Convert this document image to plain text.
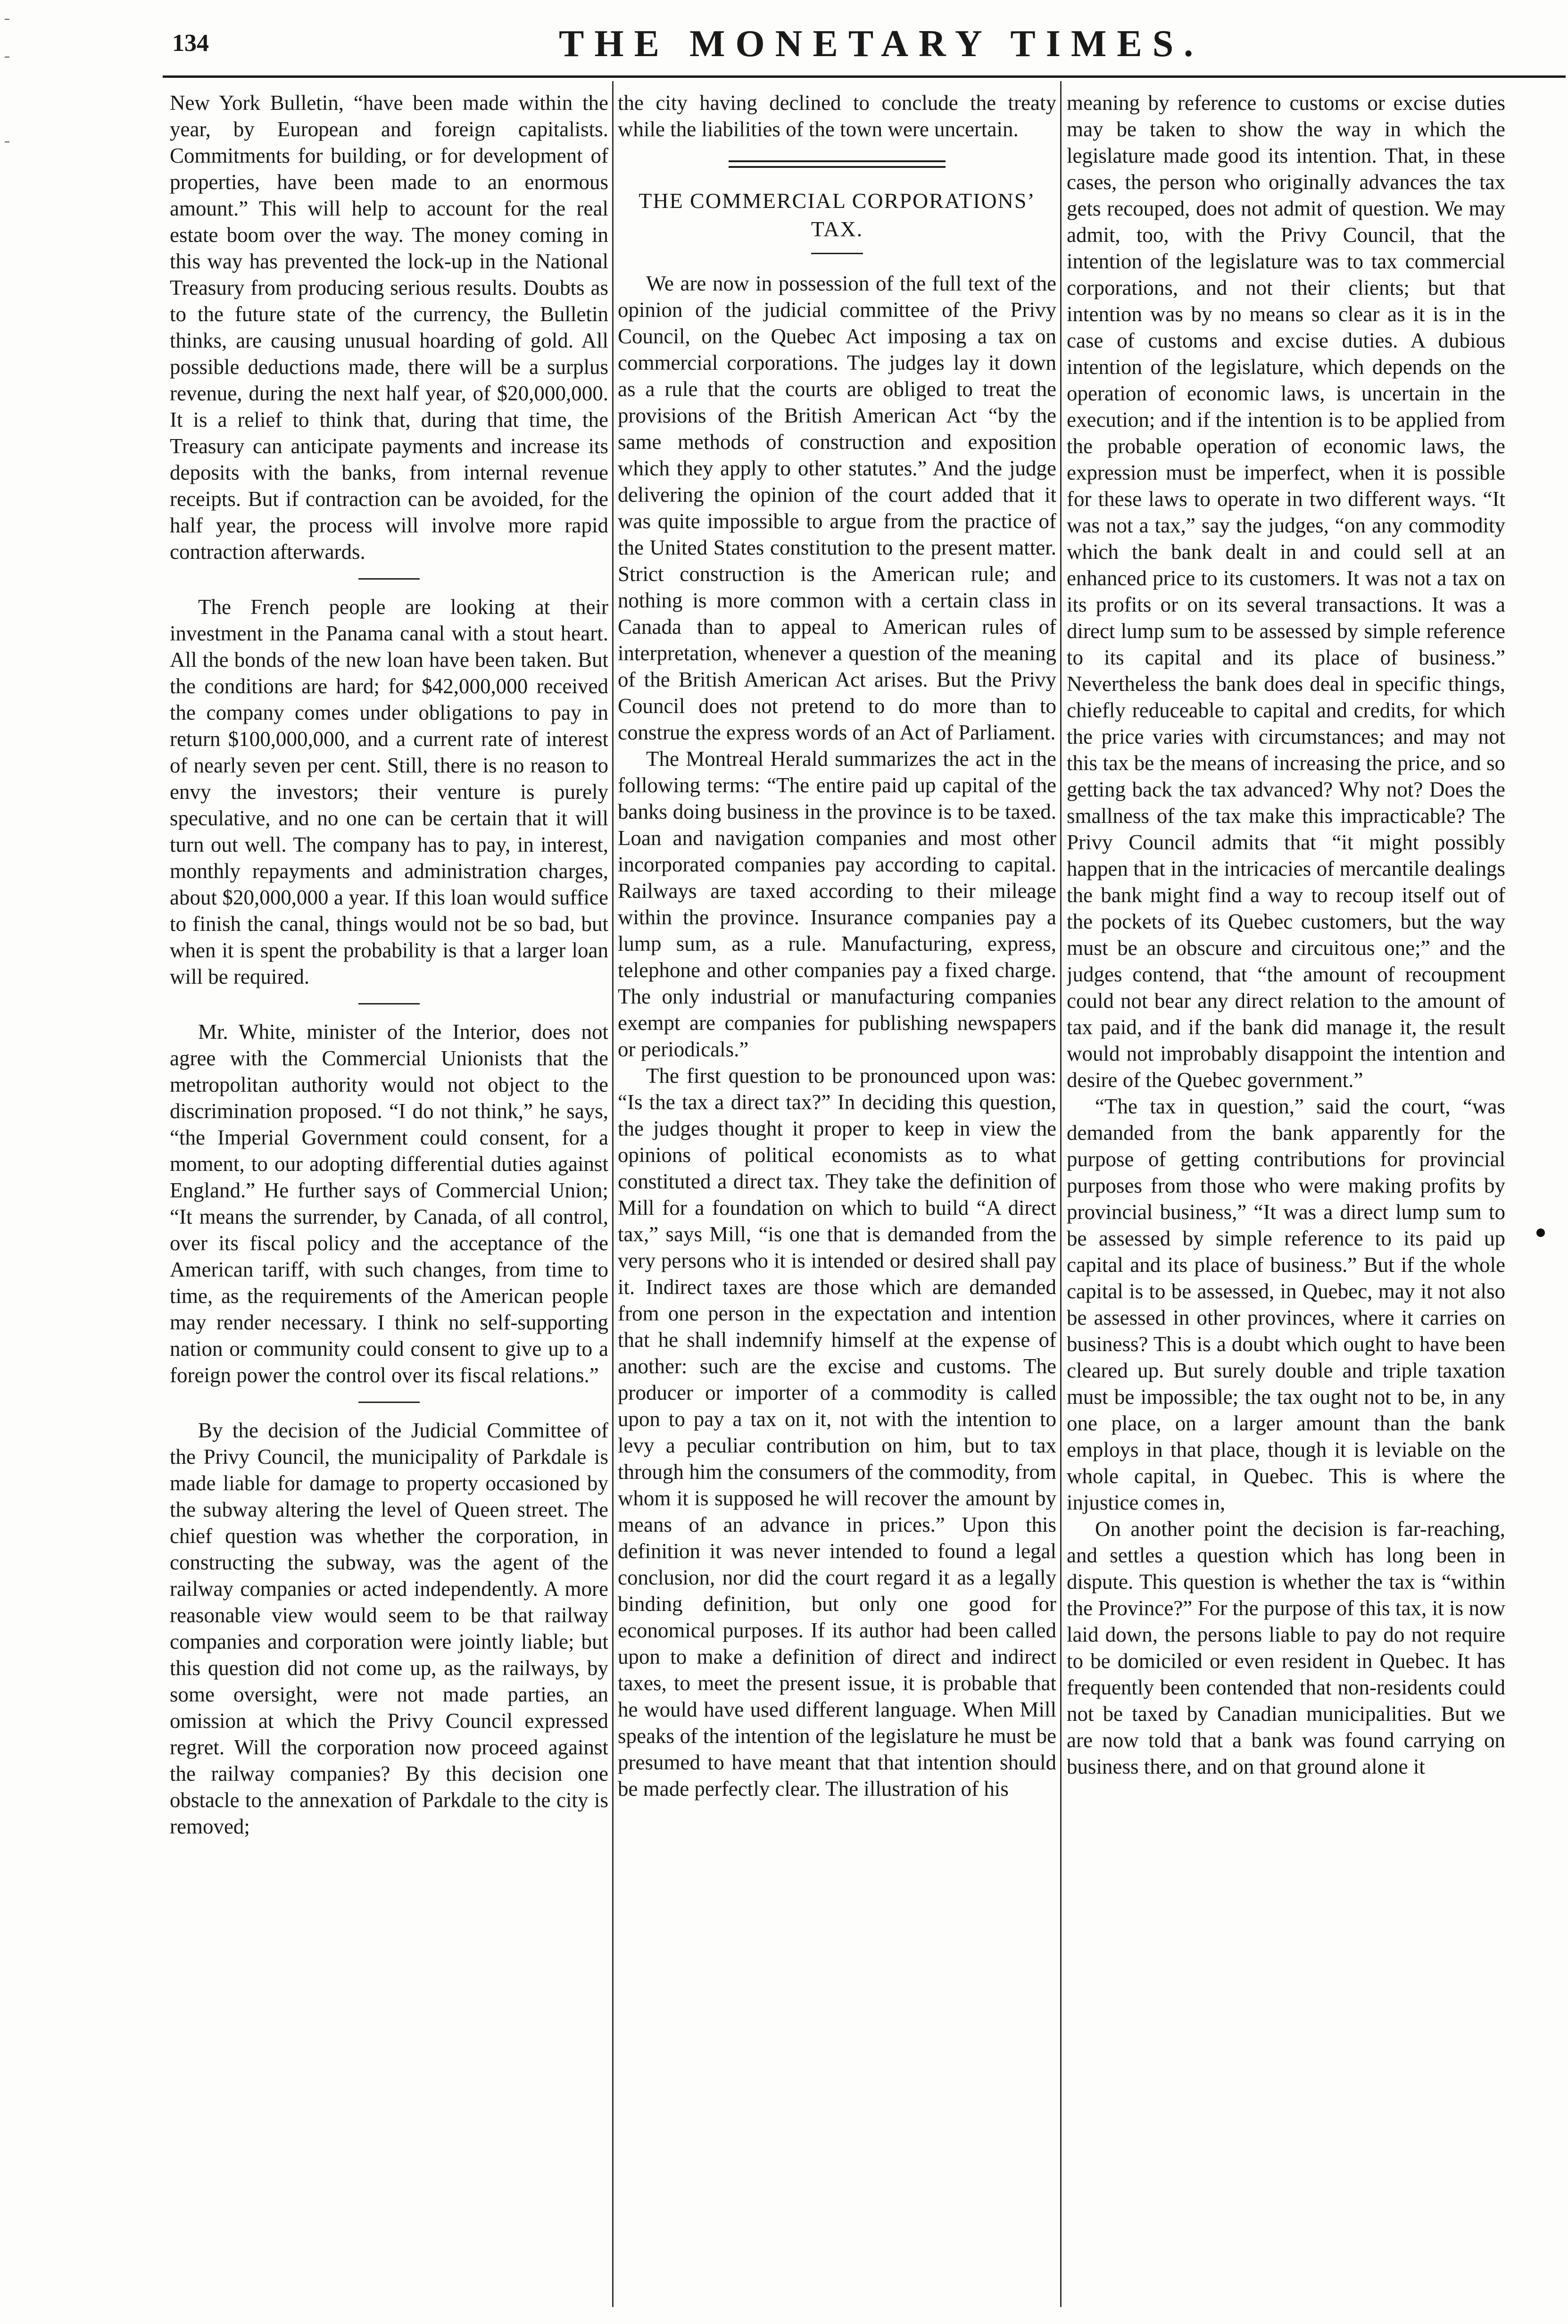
134	THE MONETARY TIMES.

New York Bulletin, “have been made within the year, by European and foreign capitalists. Commitments for building, or for development of properties, have been made to an enormous amount.” This will help to account for the real estate boom over the way. The money coming in this way has prevented the lock-up in the National Treasury from producing serious results. Doubts as to the future state of the currency, the Bulletin thinks, are causing unusual hoarding of gold. All possible deductions made, there will be a surplus revenue, during the next half year, of $20,000,000. It is a relief to think that, during that time, the Treasury can anticipate payments and increase its deposits with the banks, from internal revenue receipts. But if contraction can be avoided, for the half year, the process will involve more rapid contraction afterwards.

The French people are looking at their investment in the Panama canal with a stout heart. All the bonds of the new loan have been taken. But the conditions are hard; for $42,000,000 received the company comes under obligations to pay in return $100,000,000, and a current rate of interest of nearly seven per cent. Still, there is no reason to envy the investors; their venture is purely speculative, and no one can be certain that it will turn out well. The company has to pay, in interest, monthly repayments and administration charges, about $20,000,000 a year. If this loan would suffice to finish the canal, things would not be so bad, but when it is spent the probability is that a larger loan will be required.

Mr. White, minister of the Interior, does not agree with the Commercial Unionists that the metropolitan authority would not object to the discrimination proposed. “I do not think,” he says, “the Imperial Government could consent, for a moment, to our adopting differential duties against England.” He further says of Commercial Union; “It means the surrender, by Canada, of all control, over its fiscal policy and the acceptance of the American tariff, with such changes, from time to time, as the requirements of the American people may render necessary. I think no self-supporting nation or community could consent to give up to a foreign power the control over its fiscal relations.”

By the decision of the Judicial Committee of the Privy Council, the municipality of Parkdale is made liable for damage to property occasioned by the subway altering the level of Queen street. The chief question was whether the corporation, in constructing the subway, was the agent of the railway companies or acted independently. A more reasonable view would seem to be that railway companies and corporation were jointly liable; but this question did not come up, as the railways, by some oversight, were not made parties, an omission at which the Privy Council expressed regret. Will the corporation now proceed against the railway companies? By this decision one obstacle to the annexation of Parkdale to the city is removed;

the city having declined to conclude the treaty while the liabilities of the town were uncertain.

THE COMMERCIAL CORPORATIONS’ TAX.

We are now in possession of the full text of the opinion of the judicial committee of the Privy Council, on the Quebec Act imposing a tax on commercial corporations. The judges lay it down as a rule that the courts are obliged to treat the provisions of the British American Act “by the same methods of construction and exposition which they apply to other statutes.” And the judge delivering the opinion of the court added that it was quite impossible to argue from the practice of the United States constitution to the present matter. Strict construction is the American rule; and nothing is more common with a certain class in Canada than to appeal to American rules of interpretation, whenever a question of the meaning of the British American Act arises. But the Privy Council does not pretend to do more than to construe the express words of an Act of Parliament.

The Montreal Herald summarizes the act in the following terms: “The entire paid up capital of the banks doing business in the province is to be taxed. Loan and navigation companies and most other incorporated companies pay according to capital. Railways are taxed according to their mileage within the province. Insurance companies pay a lump sum, as a rule. Manufacturing, express, telephone and other companies pay a fixed charge. The only industrial or manufacturing companies exempt are companies for publishing newspapers or periodicals.”

The first question to be pronounced upon was: “Is the tax a direct tax?” In deciding this question, the judges thought it proper to keep in view the opinions of political economists as to what constituted a direct tax. They take the definition of Mill for a foundation on which to build “A direct tax,” says Mill, “is one that is demanded from the very persons who it is intended or desired shall pay it. Indirect taxes are those which are demanded from one person in the expectation and intention that he shall indemnify himself at the expense of another: such are the excise and customs. The producer or importer of a commodity is called upon to pay a tax on it, not with the intention to levy a peculiar contribution on him, but to tax through him the consumers of the commodity, from whom it is supposed he will recover the amount by means of an advance in prices.” Upon this definition it was never intended to found a legal conclusion, nor did the court regard it as a legally binding definition, but only one good for economical purposes. If its author had been called upon to make a definition of direct and indirect taxes, to meet the present issue, it is probable that he would have used different language. When Mill speaks of the intention of the legislature he must be presumed to have meant that that intention should be made perfectly clear. The illustration of his

meaning by reference to customs or excise duties may be taken to show the way in which the legislature made good its intention. That, in these cases, the person who originally advances the tax gets recouped, does not admit of question. We may admit, too, with the Privy Council, that the intention of the legislature was to tax commercial corporations, and not their clients; but that intention was by no means so clear as it is in the case of customs and excise duties. A dubious intention of the legislature, which depends on the operation of economic laws, is uncertain in the execution; and if the intention is to be applied from the probable operation of economic laws, the expression must be imperfect, when it is possible for these laws to operate in two different ways. “It was not a tax,” say the judges, “on any commodity which the bank dealt in and could sell at an enhanced price to its customers. It was not a tax on its profits or on its several transactions. It was a direct lump sum to be assessed by simple reference to its capital and its place of business.” Nevertheless the bank does deal in specific things, chiefly reduceable to capital and credits, for which the price varies with circumstances; and may not this tax be the means of increasing the price, and so getting back the tax advanced? Why not? Does the smallness of the tax make this impracticable? The Privy Council admits that “it might possibly happen that in the intricacies of mercantile dealings the bank might find a way to recoup itself out of the pockets of its Quebec customers, but the way must be an obscure and circuitous one;” and the judges contend, that “the amount of recoupment could not bear any direct relation to the amount of tax paid, and if the bank did manage it, the result would not improbably disappoint the intention and desire of the Quebec government.”

“The tax in question,” said the court, “was demanded from the bank apparently for the purpose of getting contributions for provincial purposes from those who were making profits by provincial business,” “It was a direct lump sum to be assessed by simple reference to its paid up capital and its place of business.” But if the whole capital is to be assessed, in Quebec, may it not also be assessed in other provinces, where it carries on business? This is a doubt which ought to have been cleared up. But surely double and triple taxation must be impossible; the tax ought not to be, in any one place, on a larger amount than the bank employs in that place, though it is leviable on the whole capital, in Quebec. This is where the injustice comes in,

On another point the decision is far-reaching, and settles a question which has long been in dispute. This question is whether the tax is “within the Province?” For the purpose of this tax, it is now laid down, the persons liable to pay do not require to be domiciled or even resident in Quebec. It has frequently been contended that non-residents could not be taxed by Canadian municipalities. But we are now told that a bank was found carrying on business there, and on that ground alone it
